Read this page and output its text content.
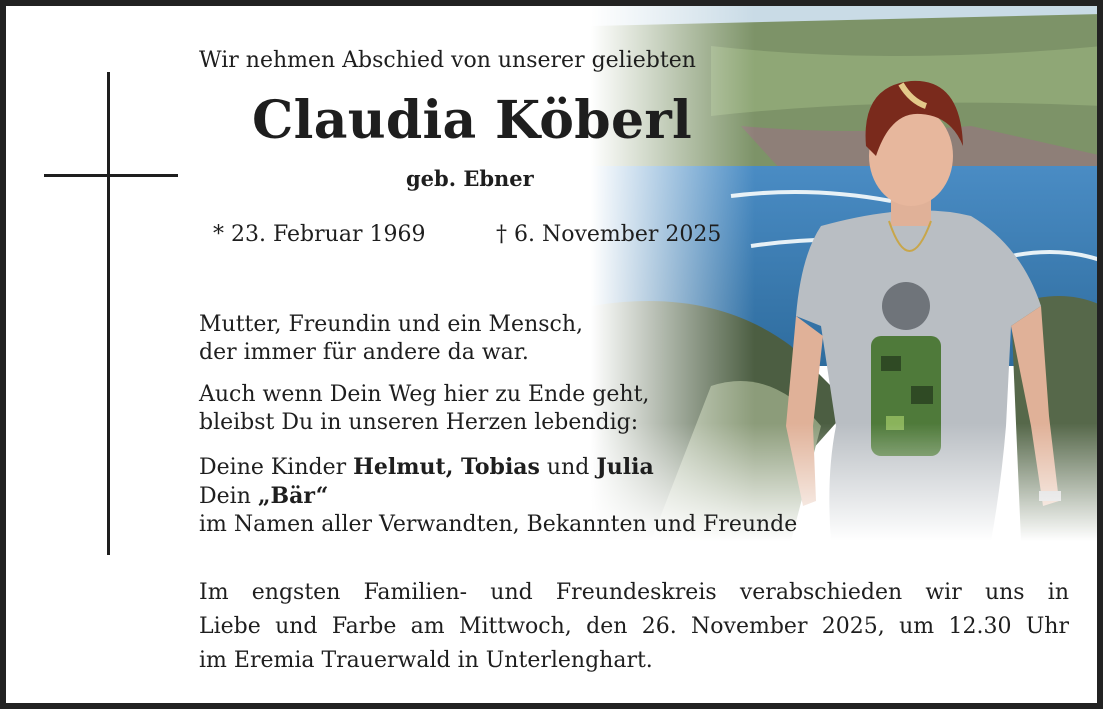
Wir nehmen Abschied von unserer geliebten
Claudia Köberl
geb. Ebner
* 23. Februar 1969	† 6. November 2025
Mutter, Freundin und ein Mensch,
der immer für andere da war.
Auch wenn Dein Weg hier zu Ende geht,
bleibst Du in unseren Herzen lebendig:
Deine Kinder Helmut, Tobias und Julia
Dein „Bär“
im Namen aller Verwandten, Bekannten und Freunde
Im engsten Familien- und Freundeskreis verabschieden wir uns in
Liebe und Farbe am Mittwoch, den 26. November 2025, um 12.30 Uhr
im Eremia Trauerwald in Unterlenghart.
